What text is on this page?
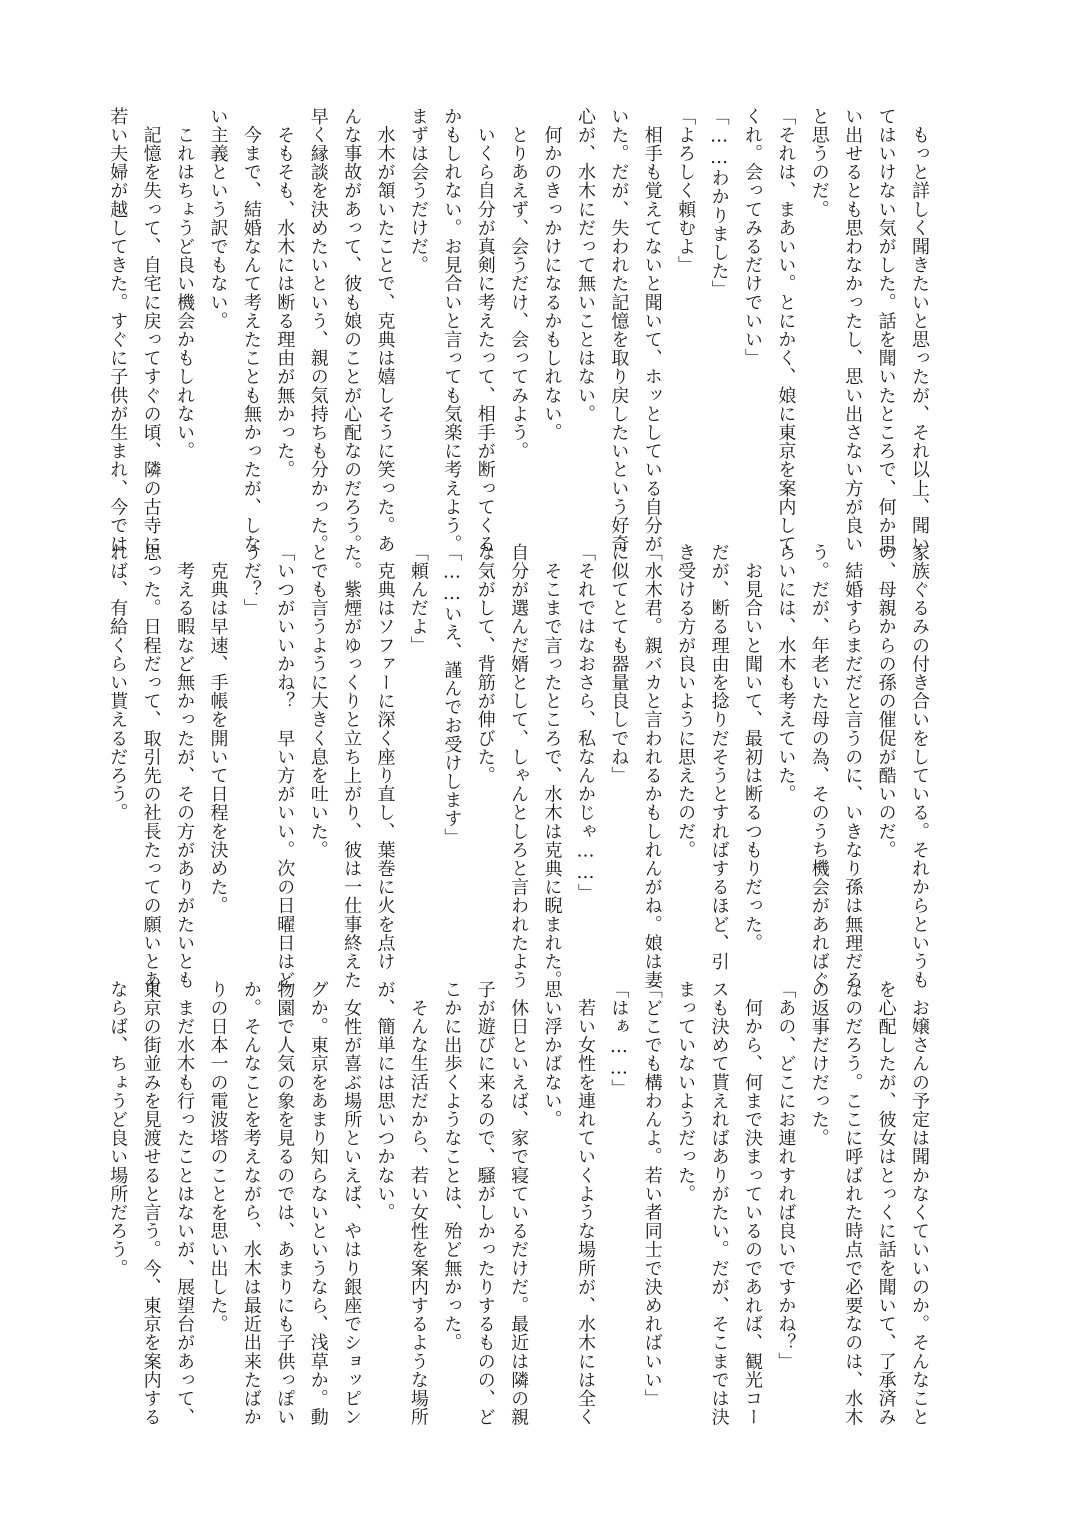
　もっと詳しく聞きたいと思ったが、それ以上、聞い
てはいけない気がした。話を聞いたところで、何か思
い出せるとも思わなかったし、思い出さない方が良い
と思うのだ。
「それは、まあいい。とにかく、娘に東京を案内して
くれ。会ってみるだけでいい」
「……わかりました」
「よろしく頼むよ」
　相手も覚えてないと聞いて、ホッとしている自分が
いた。だが、失われた記憶を取り戻したいという好奇
心が、水木にだって無いことはない。
　何かのきっかけになるかもしれない。
　とりあえず、会うだけ、会ってみよう。
　いくら自分が真剣に考えたって、相手が断ってくる
かもしれない。お見合いと言っても気楽に考えよう。
まずは会うだけだ。
　水木が頷いたことで、克典は嬉しそうに笑った。あ
んな事故があって、彼も娘のことが心配なのだろう。
早く縁談を決めたいという、親の気持ちも分かった。
　そもそも、水木には断る理由が無かった。
　今まで、結婚なんて考えたことも無かったが、しな
い主義という訳でもない。
　これはちょうど良い機会かもしれない。
　記憶を失って、自宅に戻ってすぐの頃、隣の古寺に
若い夫婦が越してきた。すぐに子供が生まれ、今では
家族ぐるみの付き合いをしている。それからというも
の、母親からの孫の催促が酷いのだ。
　結婚すらまだだと言うのに、いきなり孫は無理だろ
う。だが、年老いた母の為、そのうち機会があればぐ
らいには、水木も考えていた。
　お見合いと聞いて、最初は断るつもりだった。
だが、断る理由を捻りだそうとすればするほど、引
き受ける方が良いように思えたのだ。
「水木君。親バカと言われるかもしれんがね。娘は妻
に似てとても器量良しでね」
「それではなおさら、私なんかじゃ……」
　そこまで言ったところで、水木は克典に睨まれた。
自分が選んだ婿として、しゃんとしろと言われたよう
な気がして、背筋が伸びた。
「……いえ、謹んでお受けします」
「頼んだよ」
　克典はソファーに深く座り直し、葉巻に火を点け
た。紫煙がゆっくりと立ち上がり、彼は一仕事終えた
とでも言うように大きく息を吐いた。
「いつがいいかね？　早い方がいい。次の日曜日はど
うだ？」
　克典は早速、手帳を開いて日程を決めた。
　考える暇など無かったが、その方がありがたいとも
思った。日程だって、取引先の社長たっての願いとあ
れば、有給くらい貰えるだろう。
　お嬢さんの予定は聞かなくていいのか。そんなこと
を心配したが、彼女はとっくに話を聞いて、了承済み
なのだろう。ここに呼ばれた時点で必要なのは、水木
の返事だけだった。
「あの、どこにお連れすれば良いですかね？」
　何から、何まで決まっているのであれば、観光コー
スも決めて貰えればありがたい。だが、そこまでは決
まっていないようだった。
「どこでも構わんよ。若い者同士で決めればいい」
「はぁ……」
　若い女性を連れていくような場所が、水木には全く
思い浮かばない。
　休日といえば、家で寝ているだけだ。最近は隣の親
子が遊びに来るので、騒がしかったりするものの、ど
こかに出歩くようなことは、殆ど無かった。
　そんな生活だから、若い女性を案内するような場所
が、簡単には思いつかない。
　女性が喜ぶ場所といえば、やはり銀座でショッピン
グか。東京をあまり知らないというなら、浅草か。動
物園で人気の象を見るのでは、あまりにも子供っぽい
か。そんなことを考えながら、水木は最近出来たばか
りの日本一の電波塔のことを思い出した。
　まだ水木も行ったことはないが、展望台があって、
東京の街並みを見渡せると言う。今、東京を案内する
ならば、ちょうど良い場所だろう。
